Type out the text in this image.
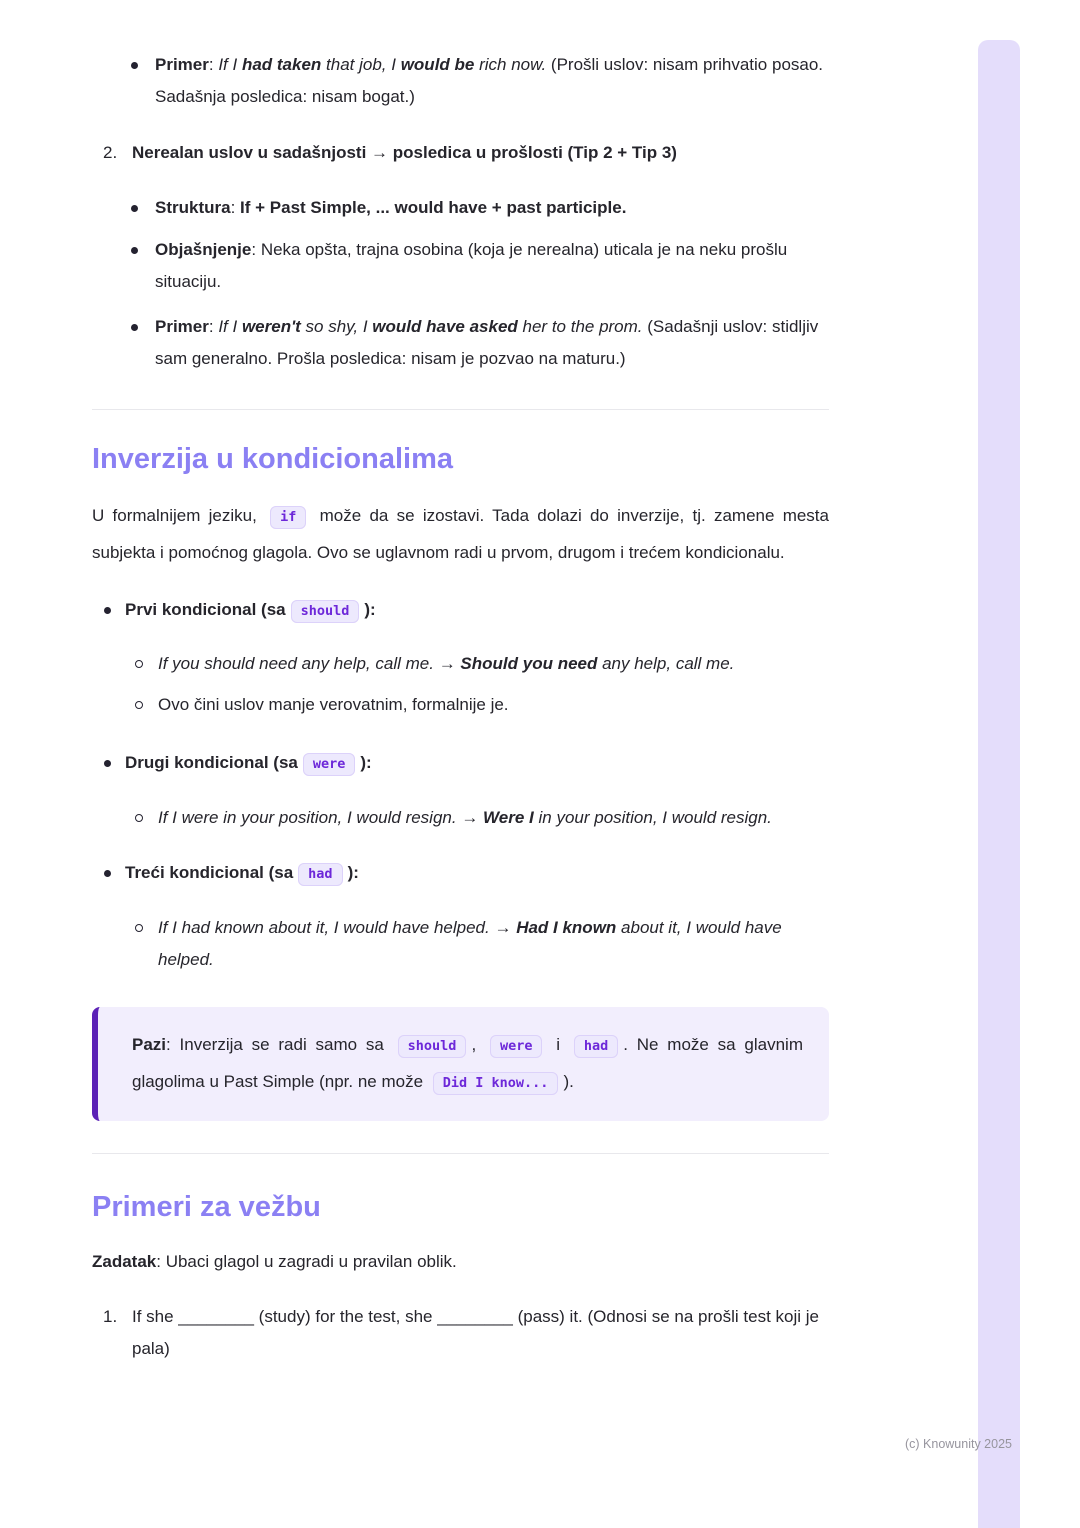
Primer: If I had taken that job, I would be rich now. (Prošli uslov: nisam prihvatio posao. Sadašnja posledica: nisam bogat.)
2. Nerealan uslov u sadašnjosti → posledica u prošlosti (Tip 2 + Tip 3)
Struktura: If + Past Simple, ... would have + past participle.
Objašnjenje: Neka opšta, trajna osobina (koja je nerealna) uticala je na neku prošlu situaciju.
Primer: If I weren't so shy, I would have asked her to the prom. (Sadašnji uslov: stidljiv sam generalno. Prošla posledica: nisam je pozvao na maturu.)
Inverzija u kondicionalima

U formalnijem jeziku, if može da se izostavi. Tada dolazi do inverzije, tj. zamene mesta subjekta i pomoćnog glagola. Ovo se uglavnom radi u prvom, drugom i trećem kondicionalu.

Prvi kondicional (sa should ):
If you should need any help, call me. → Should you need any help, call me.
Ovo čini uslov manje verovatnim, formalnije je.
Drugi kondicional (sa were ):
If I were in your position, I would resign. → Were I in your position, I would resign.
Treći kondicional (sa had ):
If I had known about it, I would have helped. → Had I known about it, I would have helped.

Pazi: Inverzija se radi samo sa should , were i had . Ne može sa glavnim glagolima u Past Simple (npr. ne može Did I know... ).

Primeri za vežbu

Zadatak: Ubaci glagol u zagradi u pravilan oblik.

1. If she ________ (study) for the test, she ________ (pass) it. (Odnosi se na prošli test koji je pala)
(c) Knowunity 2025
